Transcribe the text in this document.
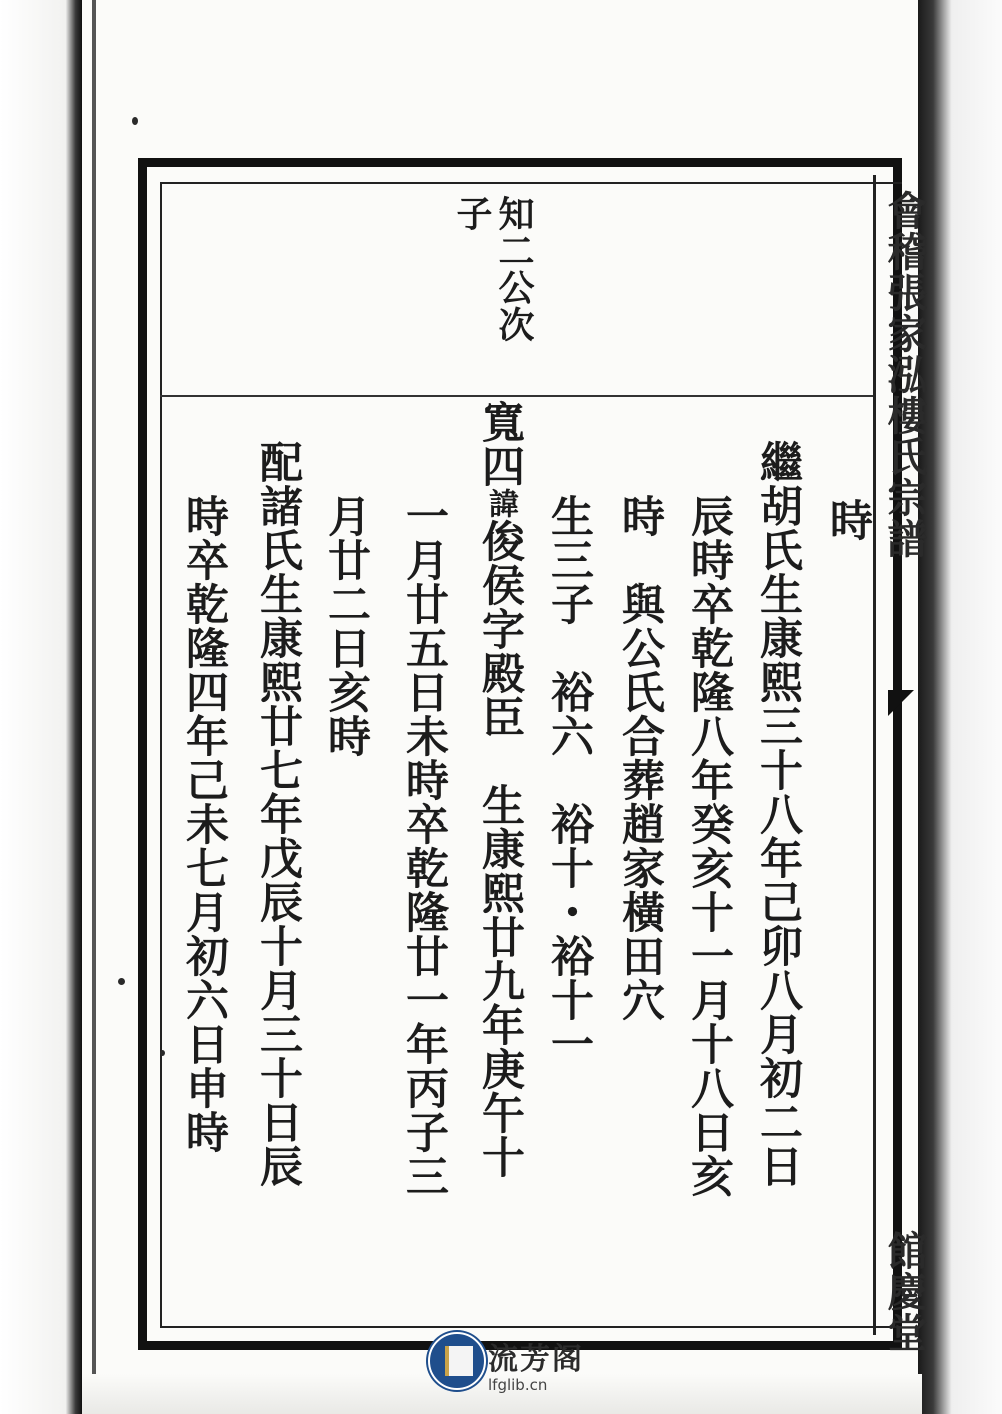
會稽張家泓樓氏宗譜
館慶堂
知二公次
子
時
繼胡氏生康熙三十八年己卯八月初二日
辰時卒乾隆八年癸亥十一月十八日亥
時　與公氏合葬趙家橫田穴
生三子　裕六　裕十・裕十一
寬四諱俊侯字殿臣　生康熙廿九年庚午十
一月廿五日未時卒乾隆廿一年丙子三
月廿二日亥時
配諸氏生康熙廿七年戊辰十月三十日辰
時卒乾隆四年己未七月初六日申時
流芳阁
lfglib.cn
